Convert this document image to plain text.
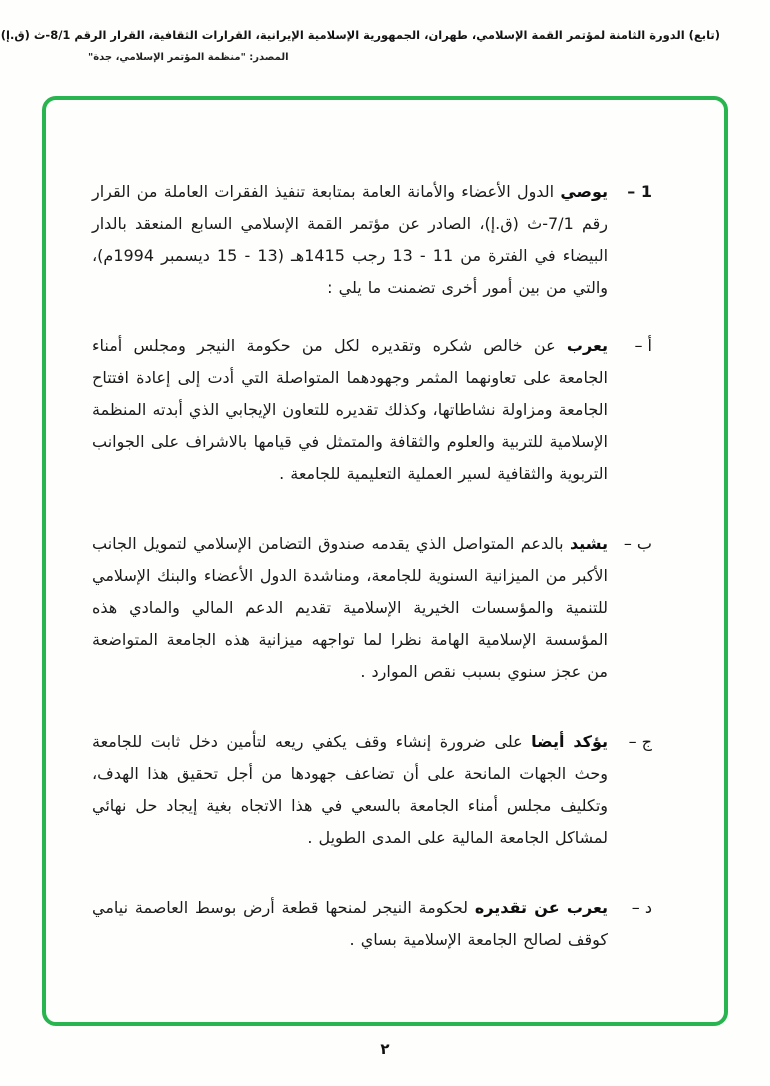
(تابع) الدورة الثامنة لمؤتمر القمة الإسلامي، طهران، الجمهورية الإسلامية الإيرانية، القرارات الثقافية، القرار الرقم 8/1-ث (ق.إ)
المصدر: "منظمة المؤتمر الإسلامي، جدة"
1 –

يوصي الدول الأعضاء والأمانة العامة بمتابعة تنفيذ الفقرات العاملة من القرار رقم 7/1-ث (ق.إ)، الصادر عن مؤتمر القمة الإسلامي السابع المنعقد بالدار البيضاء في الفترة من 11 - 13 رجب 1415هـ (13 - 15 ديسمبر 1994م)، والتي من بين أمور أخرى تضمنت ما يلي :

أ –

يعرب عن خالص شكره وتقديره لكل من حكومة النيجر ومجلس أمناء الجامعة على تعاونهما المثمر وجهودهما المتواصلة التي أدت إلى إعادة افتتاح الجامعة ومزاولة نشاطاتها، وكذلك تقديره للتعاون الإيجابي الذي أبدته المنظمة الإسلامية للتربية والعلوم والثقافة والمتمثل في قيامها بالاشراف على الجوانب التربوية والثقافية لسير العملية التعليمية للجامعة .

ب –

يشيد بالدعم المتواصل الذي يقدمه صندوق التضامن الإسلامي لتمويل الجانب الأكبر من الميزانية السنوية للجامعة، ومناشدة الدول الأعضاء والبنك الإسلامي للتنمية والمؤسسات الخيرية الإسلامية تقديم الدعم المالي والمادي هذه المؤسسة الإسلامية الهامة نظرا لما تواجهه ميزانية هذه الجامعة المتواضعة من عجز سنوي بسبب نقص الموارد .

ج –

يؤكد أيضا على ضرورة إنشاء وقف يكفي ريعه لتأمين دخل ثابت للجامعة وحث الجهات المانحة على أن تضاعف جهودها من أجل تحقيق هذا الهدف، وتكليف مجلس أمناء الجامعة بالسعي في هذا الاتجاه بغية إيجاد حل نهائي لمشاكل الجامعة المالية على المدى الطويل .

د –

يعرب عن تقديره لحكومة النيجر لمنحها قطعة أرض بوسط العاصمة نيامي كوقف لصالح الجامعة الإسلامية بساي .

٢
